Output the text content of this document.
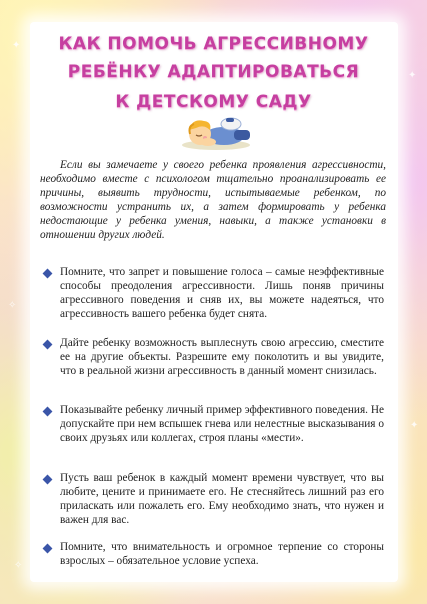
✦
✦
✧
✦
✧
КАК ПОМОЧЬ АГРЕССИВНОМУ
РЕБЁНКУ АДАПТИРОВАТЬСЯ
К ДЕТСКОМУ САДУ
Если вы замечаете у своего ребенка проявления агрессивности, необходимо вместе с психологом тщательно проанализировать ее причины, выявить трудности, испытываемые ребенком, по возможности устранить их, а затем формировать у ребенка недостающие у ребенка умения, навыки, а также установки в отношении других людей.
Помните, что запрет и повышение голоса – самые неэффективные способы преодоления агрессивности. Лишь поняв причины агрессивного поведения и сняв их, вы можете надеяться, что агрессивность вашего ребенка будет снята.
Дайте ребенку возможность выплеснуть свою агрессию, сместите ее на другие объекты. Разрешите ему поколотить и вы увидите, что в реальной жизни агрессивность в данный момент снизилась.
Показывайте ребенку личный пример эффективного поведения. Не допускайте при нем вспышек гнева или нелестные высказывания о своих друзьях или коллегах, строя планы «мести».
Пусть ваш ребенок в каждый момент времени чувствует, что вы любите, цените и принимаете его. Не стесняйтесь лишний раз его приласкать или пожалеть его. Ему необходимо знать, что нужен и важен для вас.
Помните, что внимательность и огромное терпение со стороны взрослых – обязательное условие успеха.
